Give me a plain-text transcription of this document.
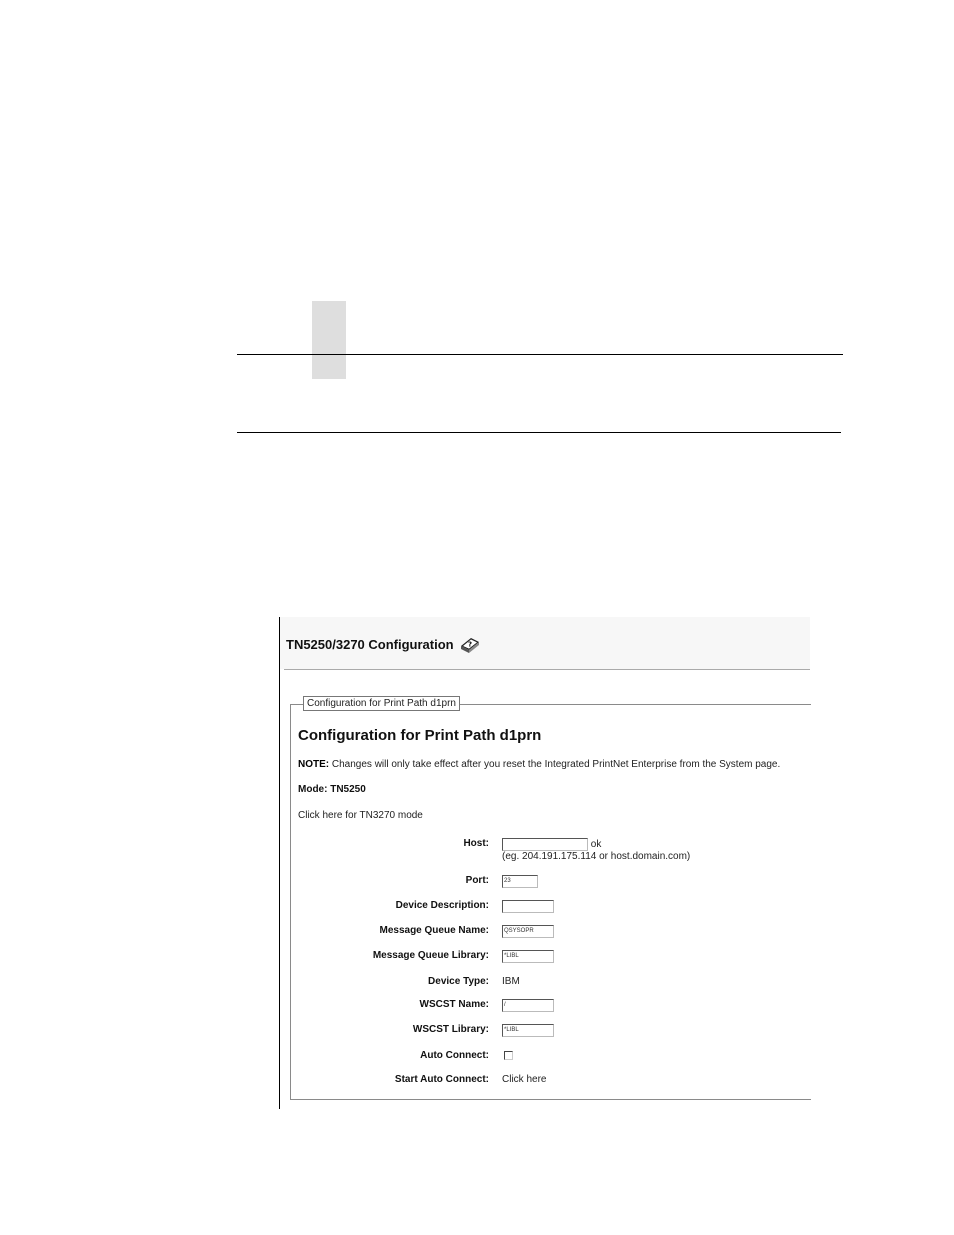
TN5250/3270 Configuration ?
Configuration for Print Path d1prn
Configuration for Print Path d1prn
NOTE: Changes will only take effect after you reset the Integrated PrintNet Enterprise from the System page.
Mode: TN5250
Click here for TN3270 mode
Host:	ok
(eg. 204.191.175.114 or host.domain.com)
Port:	23
Device Description:
Message Queue Name:	QSYSOPR
Message Queue Library:	*LIBL
Device Type: IBM
WSCST Name:	/
WSCST Library:	*LIBL
Auto Connect:
Start Auto Connect: Click here
